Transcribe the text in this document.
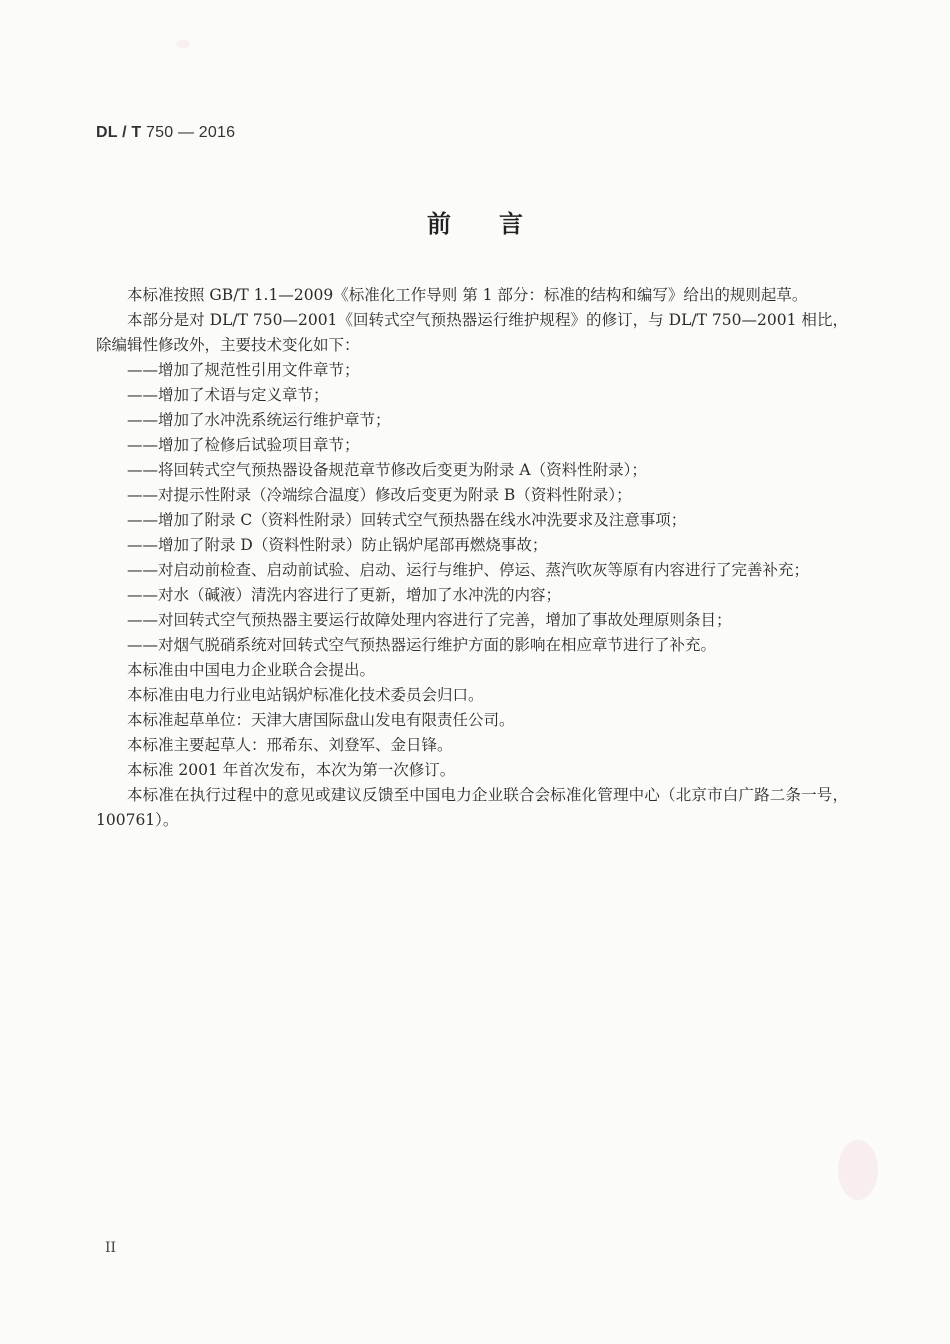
DL / T 750 — 2016
前言

本标准按照 GB/T 1.1—2009《标准化工作导则 第 1 部分：标准的结构和编写》给出的规则起草。

本部分是对 DL/T 750—2001《回转式空气预热器运行维护规程》的修订，与 DL/T 750—2001 相比，除编辑性修改外，主要技术变化如下：

——增加了规范性引用文件章节；

——增加了术语与定义章节；

——增加了水冲洗系统运行维护章节；

——增加了检修后试验项目章节；

——将回转式空气预热器设备规范章节修改后变更为附录 A（资料性附录）；

——对提示性附录（冷端综合温度）修改后变更为附录 B（资料性附录）；

——增加了附录 C（资料性附录）回转式空气预热器在线水冲洗要求及注意事项；

——增加了附录 D（资料性附录）防止锅炉尾部再燃烧事故；

——对启动前检查、启动前试验、启动、运行与维护、停运、蒸汽吹灰等原有内容进行了完善补充；

——对水（碱液）清洗内容进行了更新，增加了水冲洗的内容；

——对回转式空气预热器主要运行故障处理内容进行了完善，增加了事故处理原则条目；

——对烟气脱硝系统对回转式空气预热器运行维护方面的影响在相应章节进行了补充。

本标准由中国电力企业联合会提出。

本标准由电力行业电站锅炉标准化技术委员会归口。

本标准起草单位：天津大唐国际盘山发电有限责任公司。

本标准主要起草人：邢希东、刘登军、金日锋。

本标准 2001 年首次发布，本次为第一次修订。

本标准在执行过程中的意见或建议反馈至中国电力企业联合会标准化管理中心（北京市白广路二条一号，100761）。

II
